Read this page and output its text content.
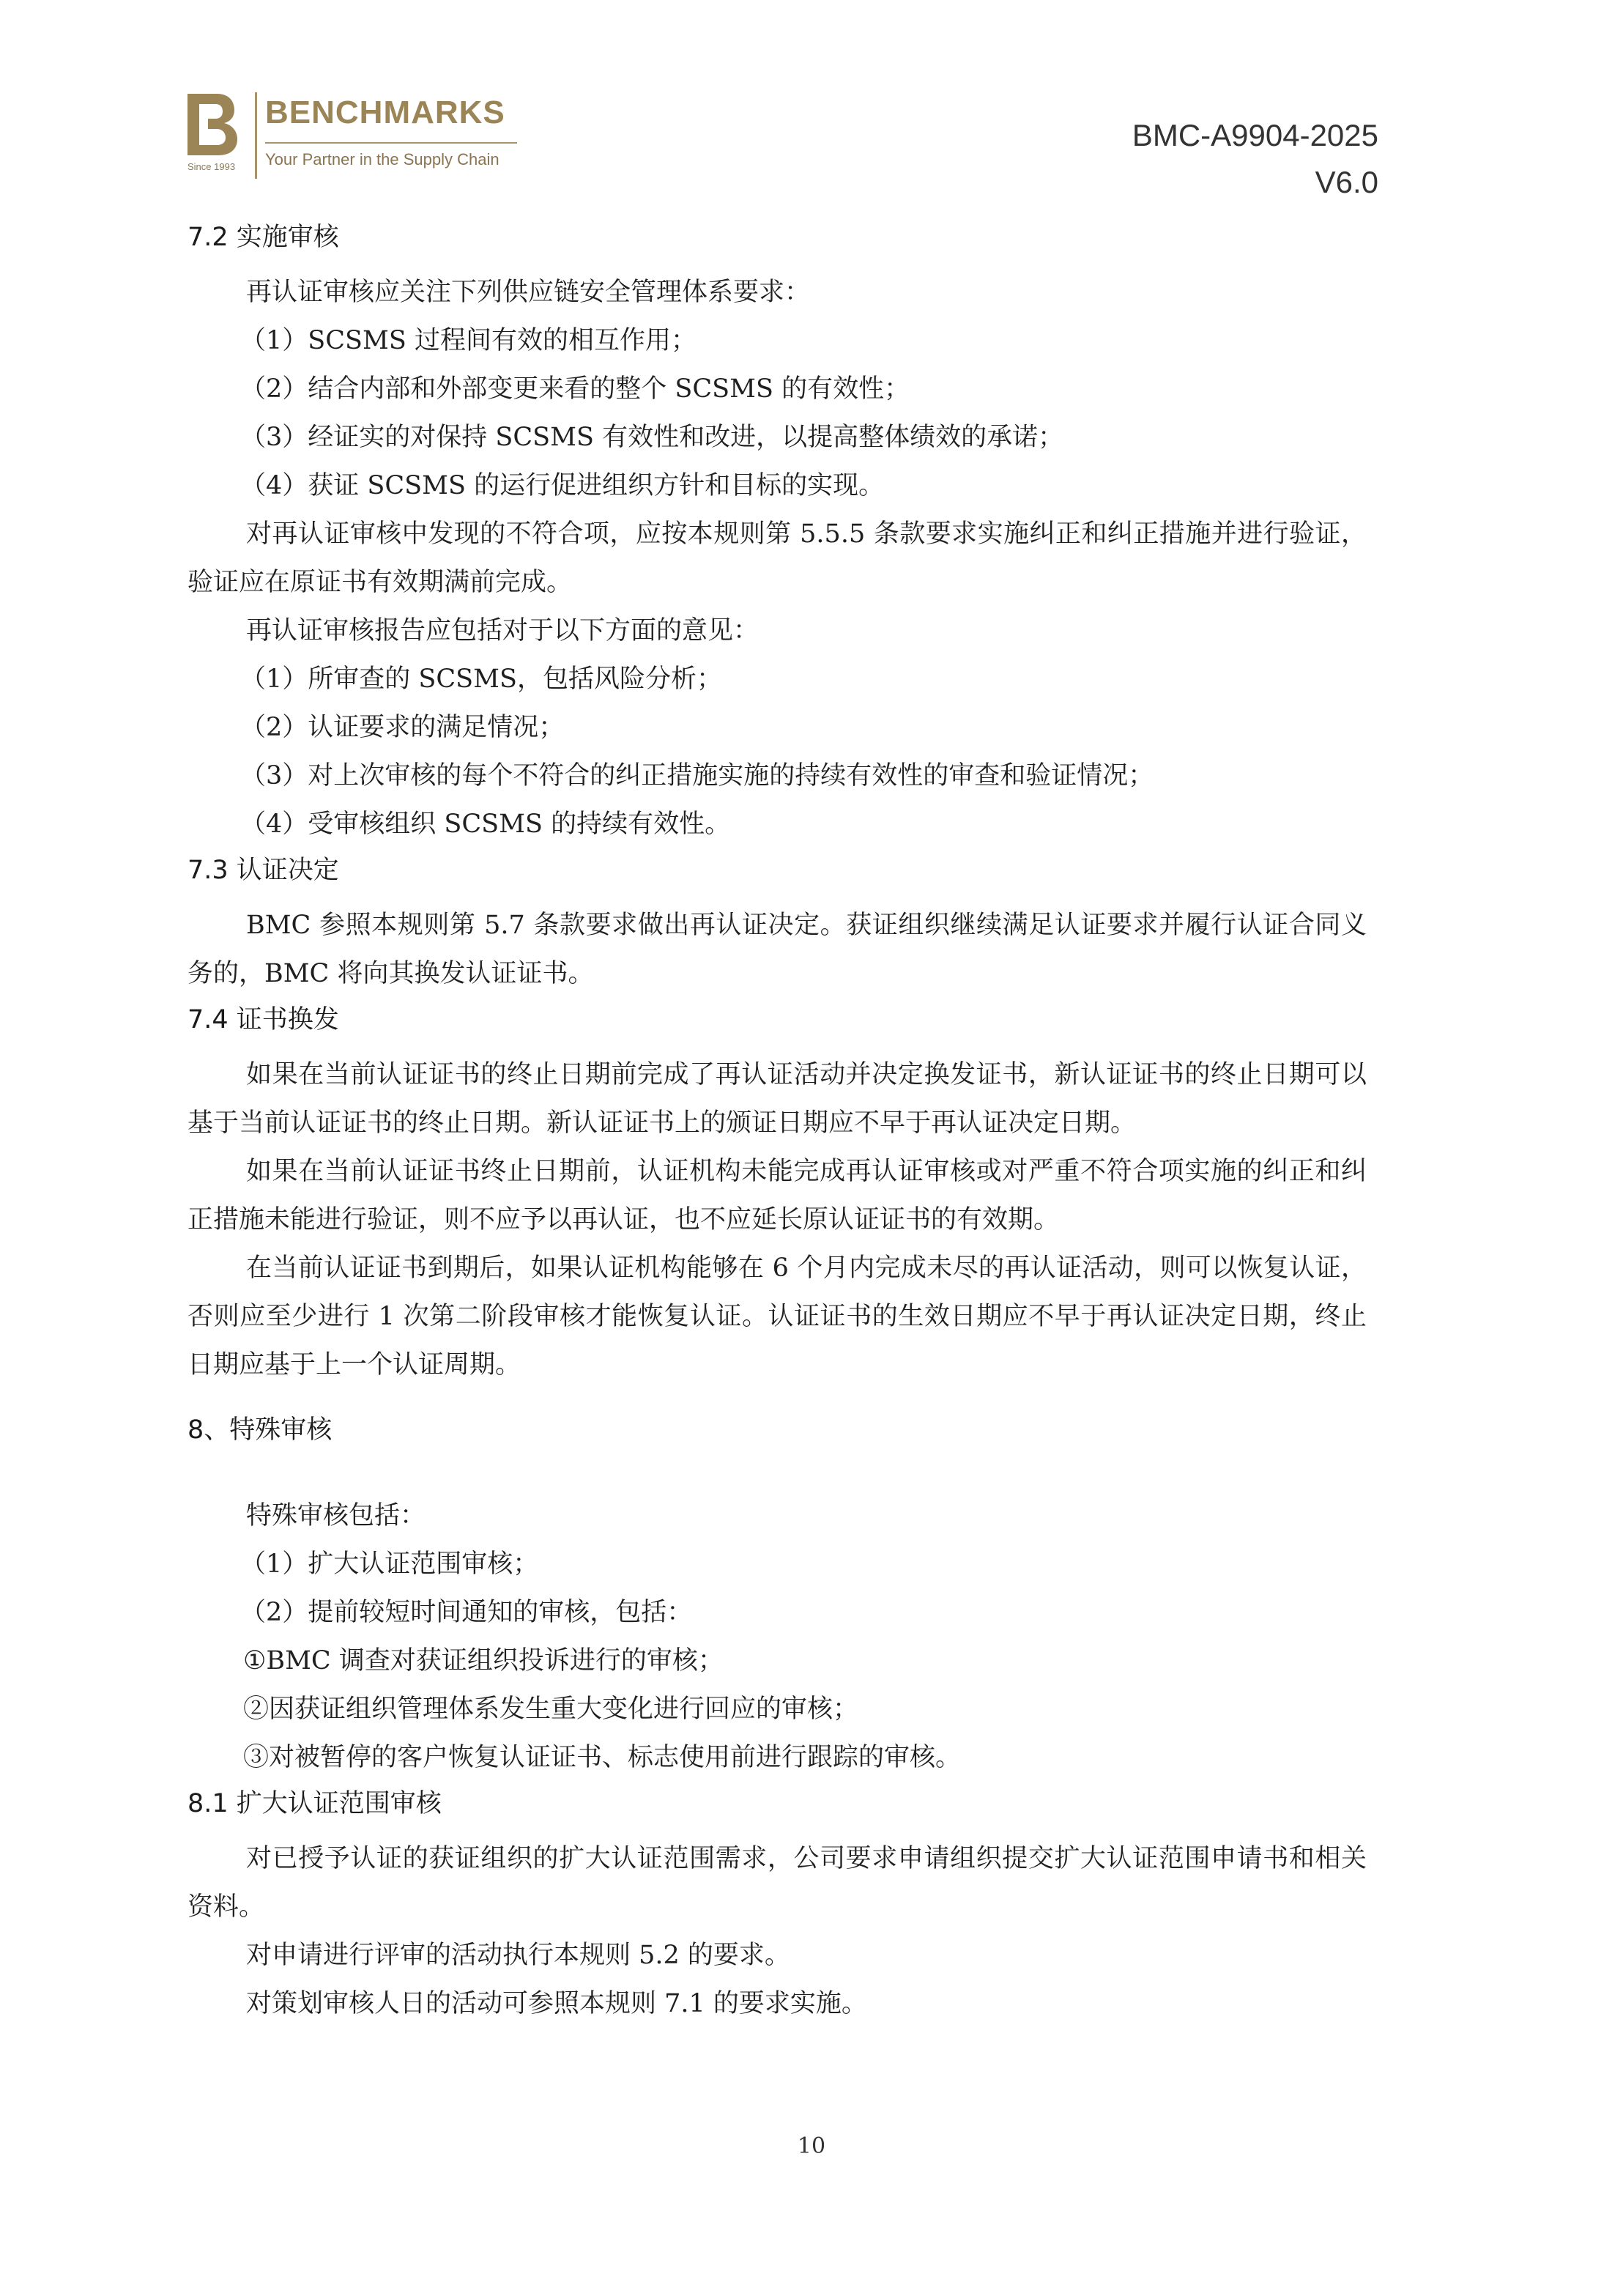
Since 1993
BENCHMARKS
Your Partner in the Supply Chain
BMC-A9904-2025
V6.0
7.2 实施审核

再认证审核应关注下列供应链安全管理体系要求：

（1）SCSMS 过程间有效的相互作用；

（2）结合内部和外部变更来看的整个 SCSMS 的有效性；

（3）经证实的对保持 SCSMS 有效性和改进，以提高整体绩效的承诺；

（4）获证 SCSMS 的运行促进组织方针和目标的实现。

对再认证审核中发现的不符合项，应按本规则第 5.5.5 条款要求实施纠正和纠正措施并进行验证，验证应在原证书有效期满前完成。

再认证审核报告应包括对于以下方面的意见：

（1）所审查的 SCSMS，包括风险分析；

（2）认证要求的满足情况；

（3）对上次审核的每个不符合的纠正措施实施的持续有效性的审查和验证情况；

（4）受审核组织 SCSMS 的持续有效性。

7.3 认证决定

BMC 参照本规则第 5.7 条款要求做出再认证决定。获证组织继续满足认证要求并履行认证合同义务的，BMC 将向其换发认证证书。

7.4 证书换发

如果在当前认证证书的终止日期前完成了再认证活动并决定换发证书，新认证证书的终止日期可以基于当前认证证书的终止日期。新认证证书上的颁证日期应不早于再认证决定日期。

如果在当前认证证书终止日期前，认证机构未能完成再认证审核或对严重不符合项实施的纠正和纠正措施未能进行验证，则不应予以再认证，也不应延长原认证证书的有效期。

在当前认证证书到期后，如果认证机构能够在 6 个月内完成未尽的再认证活动，则可以恢复认证，否则应至少进行 1 次第二阶段审核才能恢复认证。认证证书的生效日期应不早于再认证决定日期，终止日期应基于上一个认证周期。

8、特殊审核

特殊审核包括：

（1）扩大认证范围审核；

（2）提前较短时间通知的审核，包括：

①BMC 调查对获证组织投诉进行的审核；

②因获证组织管理体系发生重大变化进行回应的审核；

③对被暂停的客户恢复认证证书、标志使用前进行跟踪的审核。

8.1 扩大认证范围审核

对已授予认证的获证组织的扩大认证范围需求，公司要求申请组织提交扩大认证范围申请书和相关资料。

对申请进行评审的活动执行本规则 5.2 的要求。

对策划审核人日的活动可参照本规则 7.1 的要求实施。

10
